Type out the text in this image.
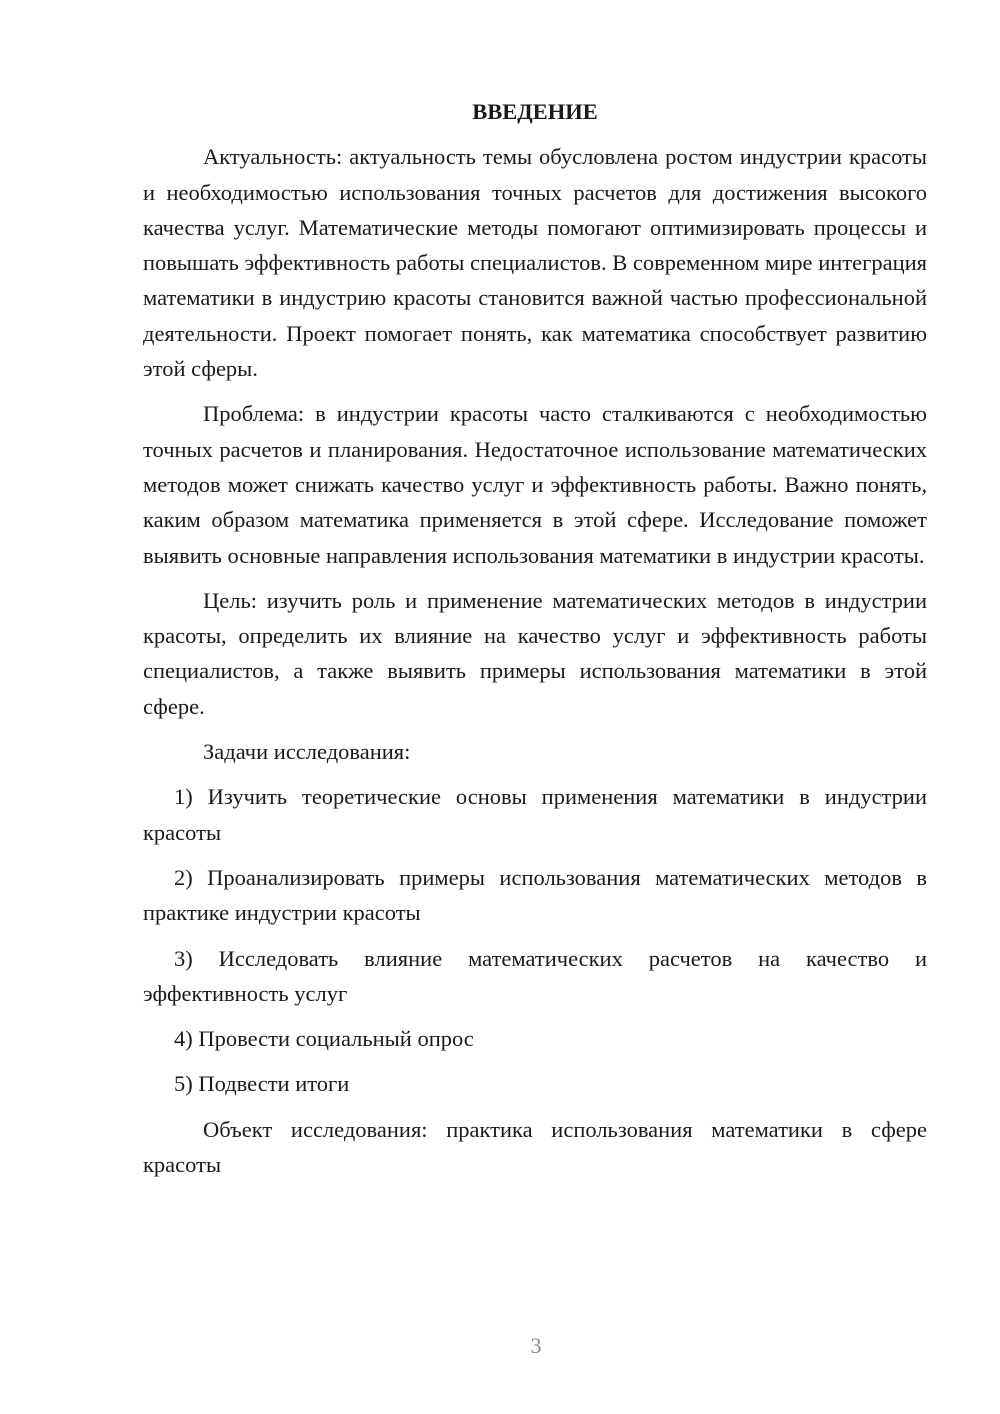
ВВЕДЕНИЕ

Актуальность: актуальность темы обусловлена ростом индустрии красоты и необходимостью использования точных расчетов для достижения высокого качества услуг. Математические методы помогают оптимизировать процессы и повышать эффективность работы специалистов. В современном мире интеграция математики в индустрию красоты становится важной частью профессиональной деятельности. Проект помогает понять, как математика способствует развитию этой сферы.

Проблема: в индустрии красоты часто сталкиваются с необходимостью точных расчетов и планирования. Недостаточное использование математических методов может снижать качество услуг и эффективность работы. Важно понять, каким образом математика применяется в этой сфере. Исследование поможет выявить основные направления использования математики в индустрии красоты.

Цель: изучить роль и применение математических методов в индустрии красоты, определить их влияние на качество услуг и эффективность работы специалистов, а также выявить примеры использования математики в этой сфере.

Задачи исследования:

1) Изучить теоретические основы применения математики в индустрии красоты

2) Проанализировать примеры использования математических методов в практике индустрии красоты

3) Исследовать влияние математических расчетов на качество и эффективность услуг

4) Провести социальный опрос

5) Подвести итоги

Объект исследования: практика использования математики в сфере красоты

3
